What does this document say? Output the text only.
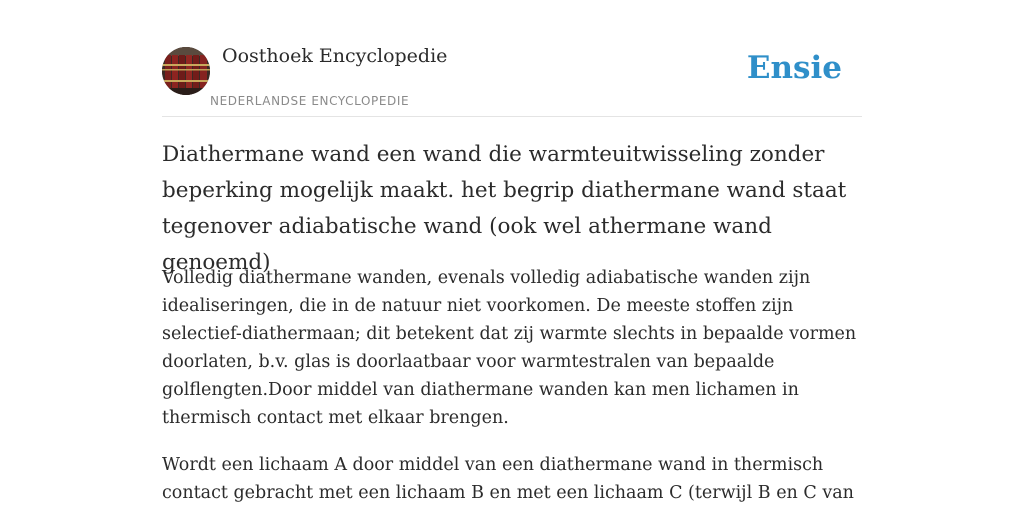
Oosthoek Encyclopedie
NEDERLANDSE ENCYCLOPEDIE
Ensie
Diathermane wand een wand die warmteuitwisseling zonder beperking mogelijk maakt. het begrip diathermane wand staat tegenover adiabatische wand (ook wel athermane wand genoemd)

Volledig diathermane wanden, evenals volledig adiabatische wanden zijn idealiseringen, die in de natuur niet voorkomen. De meeste stoffen zijn selectief-diathermaan; dit betekent dat zij warmte slechts in bepaalde vormen doorlaten, b.v. glas is doorlaatbaar voor warmtestralen van bepaalde golflengten.Door middel van diathermane wanden kan men lichamen in thermisch contact met elkaar brengen.

Wordt een lichaam A door middel van een diathermane wand in thermisch contact gebracht met een lichaam B en met een lichaam C (terwijl B en C van
